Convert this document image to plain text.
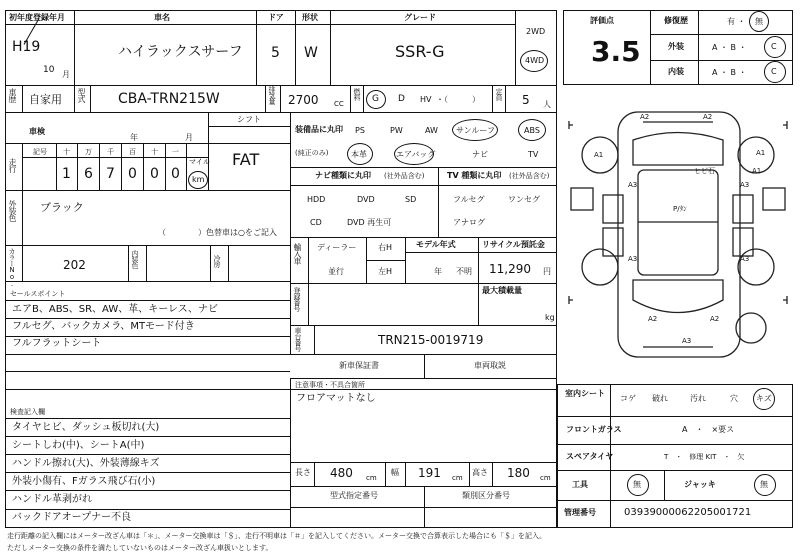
初年度登録年月
H19
10 月
車名
ハイラックスサーフ
ドア
5
形状
W
グレード
SSR-G
2WD
4WD
車歴 自家用 型式 CBA-TRN215W	排気量 2700 CC
燃料 G D HV ・（　　　） 定員 5 人
車検
年	月
シフト
FAT
走行
記号 十 万 千 百 十 一
1 6 7 0 0 0
マイル
km
外装色 ブラック
（　　　　）色替車は○をご記入
カラーNo.	202	内装色	冷房
セールスポイント
エアB、ABS、SR、AW、革、キーレス、ナビ
フルセグ、バックカメラ、MTモード付き
フルフラットシート
装備品に丸印
(純正のみ)
PS	PW	AW サンルーフ	ABS
本革	エアバッグ	ナビ	TV
ナビ種類に丸印 (社外品含む)
HDD	DVD	SD
CD	DVD 再生可
TV 種類に丸印 (社外品含む)
フルセグ	ワンセグ
アナログ
輸入車 ディーラー
並行
右H
左H
モデル年式
年 不明
リサイクル預託金
11,290 円
登録番号	最大積載量
kg
車台番号	TRN215-0019719
新車保証書	車両取説
注意事項・不具合箇所
フロアマットなし
検査記入欄
タイヤヒビ、ダッシュ板切れ(大)
シートしわ(中)、シートA(中)
ハンドル擦れ(大)、外装薄線キズ
外装小傷有、Fガラス飛び石(小)
ハンドル革剥がれ
バックドアオープナー不良
長さ 480 cm
幅 191 cm
高さ 180 cm
型式指定番号	類別区分番号
走行距離の記入欄にはメーター改ざん車は「＊」、メーター交換車は「＄」、走行不明車は「＃」を記入してください。メーター交換で合算表示した場合にも「＄」を記入。
ただしメーター交換の条件を満たしていないものはメーター改ざん車扱いとします。
評価点
3.5
修復歴	有 ・ 無
外装	A ・ B ・	C
内装	A ・ B ・	C
A2	A2
A1	A1
A3	A3
A3	A3
A2	A2
A3
ヒビ石
P/ﾀﾝ
A1
室内シート
コゲ 破れ	汚れ	穴 キズ
フロントガラス	A　・　×要ス
スペアタイヤ	T　・　修理 KIT　・　欠
工具	無	ジャッキ	無
管理番号	03939000062205001721
